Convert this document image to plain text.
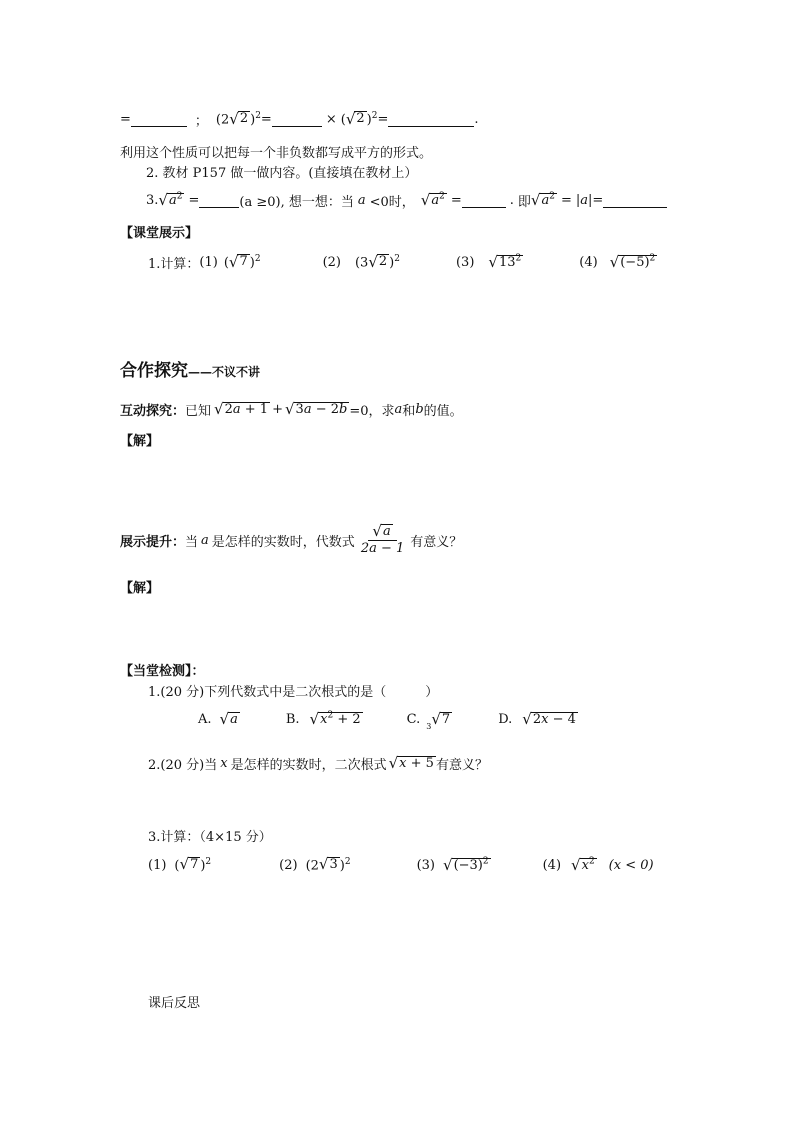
=	； (2 √ 2 )$^2$ =	× ( √ 2 )$^2$ =	.
利用这个性质可以把每一个非负数都写成平方的形式。
2. 教材 P157 做一做内容。(直接填在教材上）
3. √ $a^2$ =	(a ≥0), 想一想：当 a <0时， √ $a^2$ =	. 即 √ $a^2 = |a|$ =
【课堂展示】
1.计算： (1) ( √ 7 )$^2$	(2) (3 √ 2 )$^2$	(3) √ $13^2$	(4) √ $(-5)^2$
合作探究 ——不议不讲
互动探究： 已知 √ 2a + 1 + √ 3a − 2b =0，求 a 和 b 的值。
【解】
展示提升： 当 a 是怎样的实数时，代数式 $\frac{√ a}{2a - 1}$ 有意义？
【解】
【当堂检测】：
1.(20 分)下列代数式中是二次根式的是（　　　）
A. √ a	B. √ $x^2 + 2$	C. 3 √ 7	D. √ 2x − 4
2.(20 分)当 x 是怎样的实数时，二次根式 √ x + 5 有意义？
3.计算：（4×15 分）
(1) ( √ 7 )$^2$	(2) (2 √ 3 )$^2$	(3) √ $(-3)^2$	(4) √ $x^2$ (x < 0)
课后反思
